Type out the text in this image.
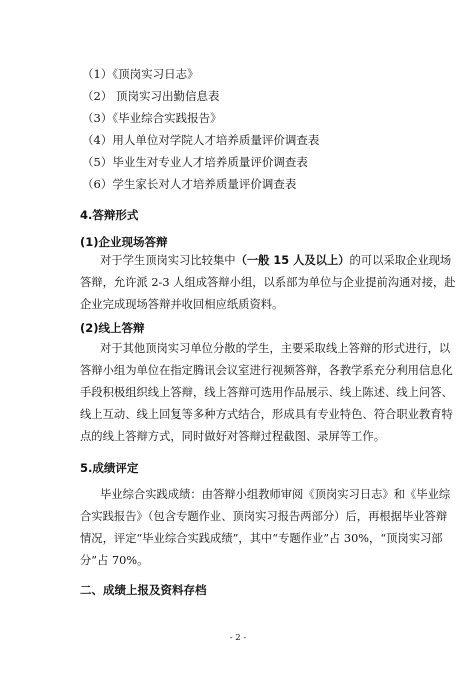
（1）《顶岗实习日志》
（2） 顶岗实习出勤信息表
（3）《毕业综合实践报告》
（4）用人单位对学院人才培养质量评价调查表
（5）毕业生对专业人才培养质量评价调查表
（6）学生家长对人才培养质量评价调查表
4.答辩形式
(1)企业现场答辩
对于学生顶岗实习比较集中（一般 15 人及以上）的可以采取企业现场
答辩，允许派 2-3 人组成答辩小组，以系部为单位与企业提前沟通对接，赴
企业完成现场答辩并收回相应纸质资料。
(2)线上答辩
对于其他顶岗实习单位分散的学生，主要采取线上答辩的形式进行，以
答辩小组为单位在指定腾讯会议室进行视频答辩，各教学系充分利用信息化
手段积极组织线上答辩，线上答辩可选用作品展示、线上陈述、线上问答、
线上互动、线上回复等多种方式结合，形成具有专业特色、符合职业教育特
点的线上答辩方式，同时做好对答辩过程截图、录屏等工作。
5.成绩评定
毕业综合实践成绩：由答辩小组教师审阅《顶岗实习日志》和《毕业综
合实践报告》（包含专题作业、顶岗实习报告两部分）后，再根据毕业答辩
情况，评定“毕业综合实践成绩”，其中“专题作业”占 30%，“顶岗实习部
分”占 70%。
二、成绩上报及资料存档
- 2 -
